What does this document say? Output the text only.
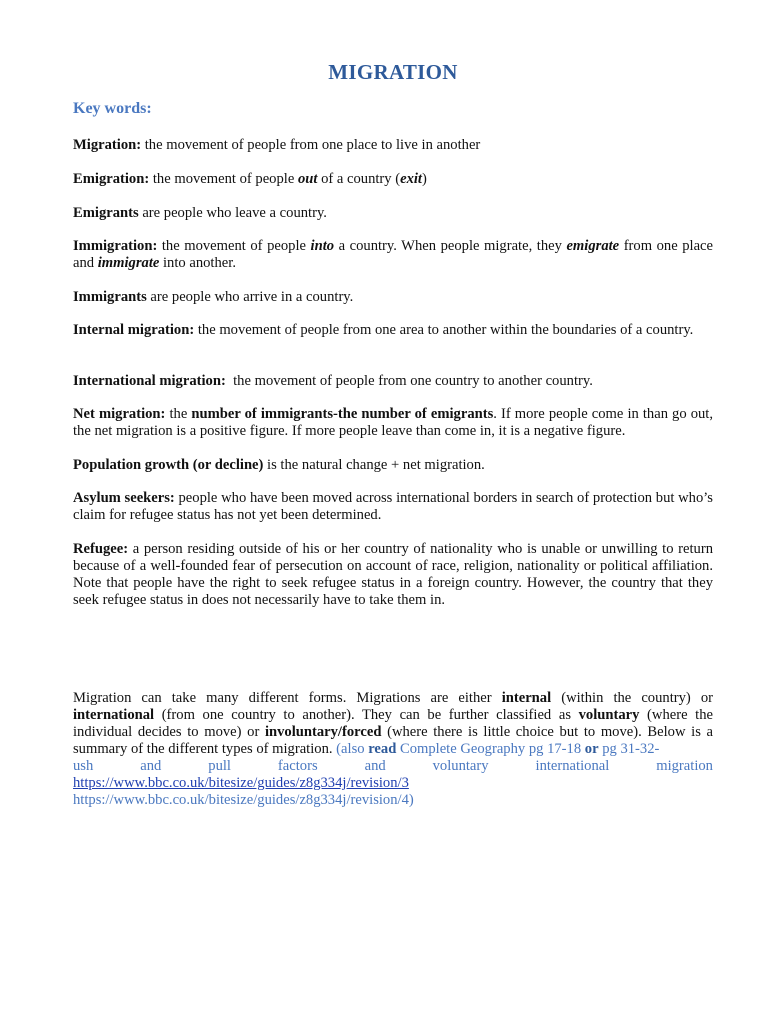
MIGRATION
Key words:

Migration: the movement of people from one place to live in another

Emigration: the movement of people out of a country (exit)

Emigrants are people who leave a country.

Immigration: the movement of people into a country. When people migrate, they emigrate from one place and immigrate into another.

Immigrants are people who arrive in a country.

Internal migration: the movement of people from one area to another within the boundaries of a country.

International migration:  the movement of people from one country to another country.

Net migration: the number of immigrants-the number of emigrants. If more people come in than go out, the net migration is a positive figure. If more people leave than come in, it is a negative figure.

Population growth (or decline) is the natural change + net migration.

Asylum seekers: people who have been moved across international borders in search of protection but who’s claim for refugee status has not yet been determined.

Refugee: a person residing outside of his or her country of nationality who is unable or unwilling to return because of a well-founded fear of persecution on account of race, religion, nationality or political affiliation. Note that people have the right to seek refugee status in a foreign country. However, the country that they seek refugee status in does not necessarily have to take them in.

Migration can take many different forms. Migrations are either internal (within the country) or international (from one country to another). They can be further classified as voluntary (where the individual decides to move) or involuntary/forced (where there is little choice but to move). Below is a summary of the different types of migration. (also read Complete Geography pg 17-18 or pg 31-32-
ush	and	pull	factors	and	voluntary	international	migration
https://www.bbc.co.uk/bitesize/guides/z8g334j/revision/3
https://www.bbc.co.uk/bitesize/guides/z8g334j/revision/4)
